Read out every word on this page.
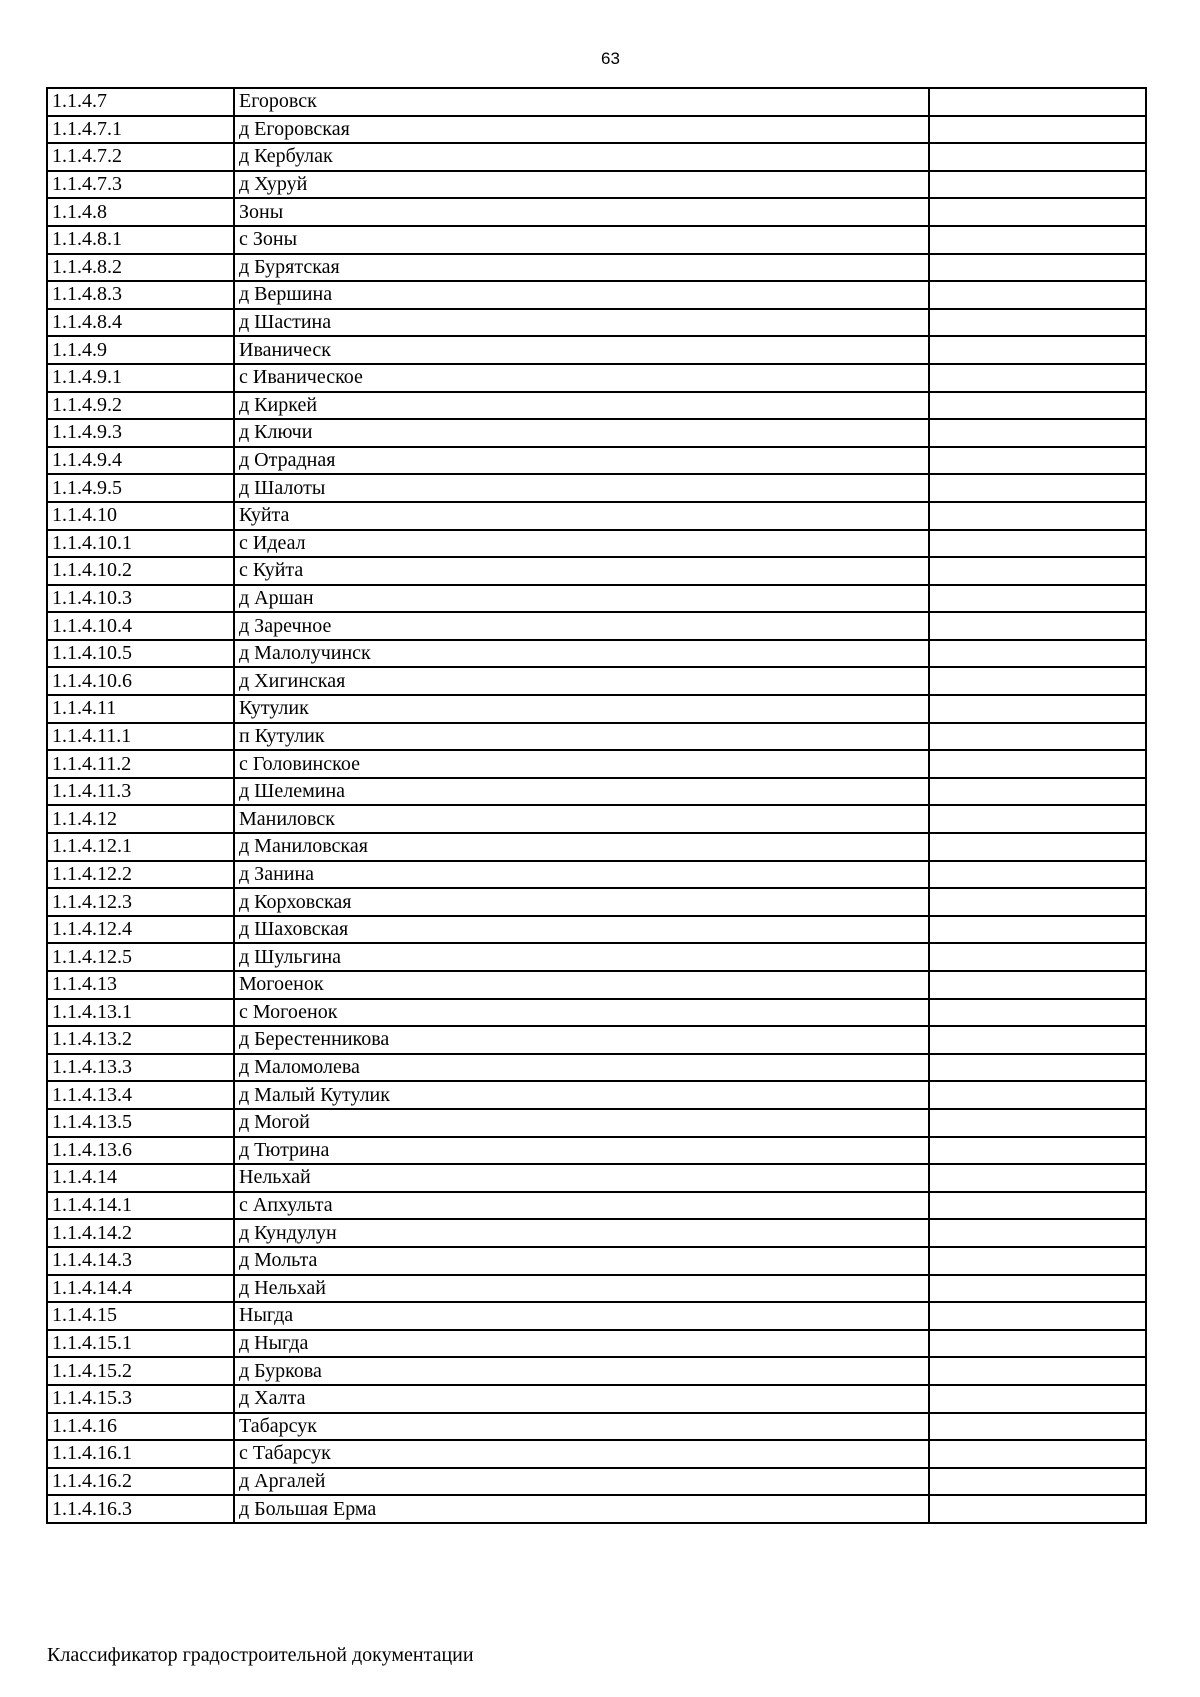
63
1.1.4.7	Егоровск	
1.1.4.7.1	д Егоровская	
1.1.4.7.2	д Кербулак	
1.1.4.7.3	д Хуруй	
1.1.4.8	Зоны	
1.1.4.8.1	с Зоны	
1.1.4.8.2	д Бурятская	
1.1.4.8.3	д Вершина	
1.1.4.8.4	д Шастина	
1.1.4.9	Иваническ	
1.1.4.9.1	с Иваническое	
1.1.4.9.2	д Киркей	
1.1.4.9.3	д Ключи	
1.1.4.9.4	д Отрадная	
1.1.4.9.5	д Шалоты	
1.1.4.10	Куйта	
1.1.4.10.1	с Идеал	
1.1.4.10.2	с Куйта	
1.1.4.10.3	д Аршан	
1.1.4.10.4	д Заречное	
1.1.4.10.5	д Малолучинск	
1.1.4.10.6	д Хигинская	
1.1.4.11	Кутулик	
1.1.4.11.1	п Кутулик	
1.1.4.11.2	с Головинское	
1.1.4.11.3	д Шелемина	
1.1.4.12	Маниловск	
1.1.4.12.1	д Маниловская	
1.1.4.12.2	д Занина	
1.1.4.12.3	д Корховская	
1.1.4.12.4	д Шаховская	
1.1.4.12.5	д Шульгина	
1.1.4.13	Могоенок	
1.1.4.13.1	с Могоенок	
1.1.4.13.2	д Берестенникова	
1.1.4.13.3	д Маломолева	
1.1.4.13.4	д Малый Кутулик	
1.1.4.13.5	д Могой	
1.1.4.13.6	д Тютрина	
1.1.4.14	Нельхай	
1.1.4.14.1	с Апхульта	
1.1.4.14.2	д Кундулун	
1.1.4.14.3	д Мольта	
1.1.4.14.4	д Нельхай	
1.1.4.15	Ныгда	
1.1.4.15.1	д Ныгда	
1.1.4.15.2	д Буркова	
1.1.4.15.3	д Халта	
1.1.4.16	Табарсук	
1.1.4.16.1	с Табарсук	
1.1.4.16.2	д Аргалей	
1.1.4.16.3	д Большая Ерма	
Классификатор градостроительной документации
